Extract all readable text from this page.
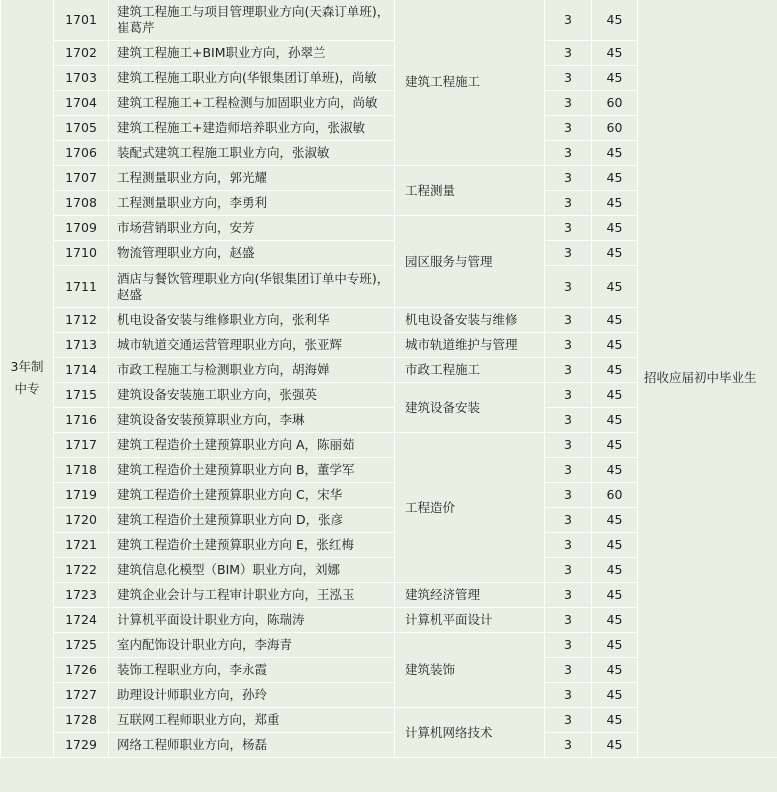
3年制
中专	1701	建筑工程施工与项目管理职业方向(天森订单班)，崔葛芹	建筑工程施工	3	45	招收应届初中毕业生
	1702	建筑工程施工+BIM职业方向，孙翠兰		3	45	
	1703	建筑工程施工职业方向(华银集团订单班)，尚敏		3	45	
	1704	建筑工程施工+工程检测与加固职业方向，尚敏		3	60	
	1705	建筑工程施工+建造师培养职业方向，张淑敏		3	60	
	1706	装配式建筑工程施工职业方向，张淑敏		3	45	
	1707	工程测量职业方向，郭光耀	工程测量	3	45	
	1708	工程测量职业方向，李勇利		3	45	
	1709	市场营销职业方向，安芳	园区服务与管理	3	45	
	1710	物流管理职业方向，赵盛		3	45	
	1711	酒店与餐饮管理职业方向(华银集团订单中专班)，赵盛		3	45	
	1712	机电设备安装与维修职业方向，张利华	机电设备安装与维修	3	45	
	1713	城市轨道交通运营管理职业方向，张亚辉	城市轨道维护与管理	3	45	
	1714	市政工程施工与检测职业方向，胡海婵	市政工程施工	3	45	
	1715	建筑设备安装施工职业方向，张强英	建筑设备安装	3	45	
	1716	建筑设备安装预算职业方向，李琳		3	45	
	1717	建筑工程造价土建预算职业方向 A，陈丽茹	工程造价	3	45	
	1718	建筑工程造价土建预算职业方向 B，董学军		3	45	
	1719	建筑工程造价土建预算职业方向 C，宋华		3	60	
	1720	建筑工程造价土建预算职业方向 D，张彦		3	45	
	1721	建筑工程造价土建预算职业方向 E，张红梅		3	45	
	1722	建筑信息化模型（BIM）职业方向，刘娜		3	45	
	1723	建筑企业会计与工程审计职业方向，王泓玉	建筑经济管理	3	45	
	1724	计算机平面设计职业方向，陈瑞涛	计算机平面设计	3	45	
	1725	室内配饰设计职业方向，李海青	建筑装饰	3	45	
	1726	装饰工程职业方向，李永霞		3	45	
	1727	助理设计师职业方向，孙玲		3	45	
	1728	互联网工程师职业方向，郑重	计算机网络技术	3	45	
	1729	网络工程师职业方向，杨磊		3	45	
